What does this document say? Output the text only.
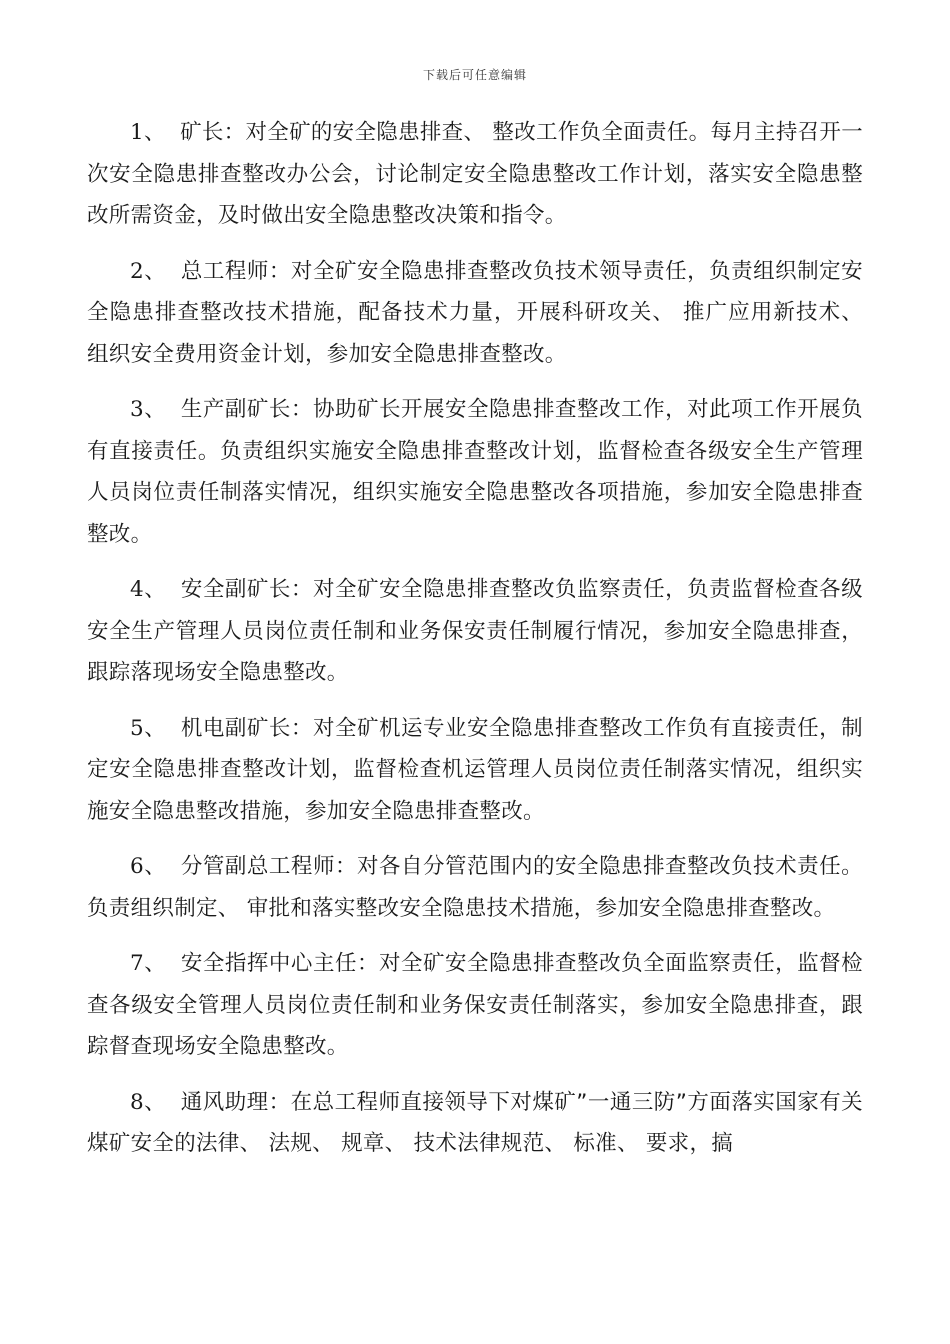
下载后可任意编辑

1、 矿长：对全矿的安全隐患排查、 整改工作负全面责任。每月主持召开一次安全隐患排查整改办公会，讨论制定安全隐患整改工作计划，落实安全隐患整改所需资金，及时做出安全隐患整改决策和指令。

2、 总工程师：对全矿安全隐患排查整改负技术领导责任，负责组织制定安全隐患排查整改技术措施，配备技术力量，开展科研攻关、 推广应用新技术、 组织安全费用资金计划，参加安全隐患排查整改。

3、 生产副矿长：协助矿长开展安全隐患排查整改工作，对此项工作开展负有直接责任。负责组织实施安全隐患排查整改计划，监督检查各级安全生产管理人员岗位责任制落实情况，组织实施安全隐患整改各项措施，参加安全隐患排查整改。

4、 安全副矿长：对全矿安全隐患排查整改负监察责任，负责监督检查各级安全生产管理人员岗位责任制和业务保安责任制履行情况，参加安全隐患排查，跟踪落现场安全隐患整改。

5、 机电副矿长：对全矿机运专业安全隐患排查整改工作负有直接责任，制定安全隐患排查整改计划，监督检查机运管理人员岗位责任制落实情况，组织实施安全隐患整改措施，参加安全隐患排查整改。

6、 分管副总工程师：对各自分管范围内的安全隐患排查整改负技术责任。负责组织制定、 审批和落实整改安全隐患技术措施，参加安全隐患排查整改。

7、 安全指挥中心主任：对全矿安全隐患排查整改负全面监察责任，监督检查各级安全管理人员岗位责任制和业务保安责任制落实，参加安全隐患排查，跟踪督查现场安全隐患整改。

8、 通风助理：在总工程师直接领导下对煤矿”一通三防”方面落实国家有关煤矿安全的法律、 法规、 规章、 技术法律规范、 标准、 要求，搞
